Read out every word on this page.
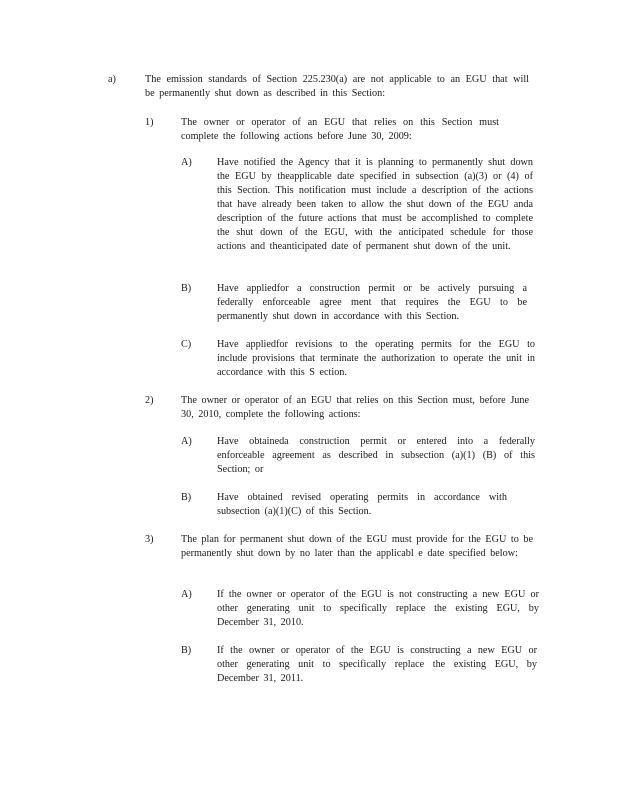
a)	The emission standards of Section 225.230(a) are not applicable to an EGU that will be permanently shut down as described in this Section:
1)	The owner or operator of an EGU that relies on this Section must complete the following actions before June 30, 2009:
A) Have notified the Agency that it is planning to permanently shut down the EGU by theapplicable date specified in subsection (a)(3) or (4) of this Section. This notification must include a description of the actions that have already been taken to allow the shut down of the EGU anda description of the future actions that must be accomplished to complete the shut down of the EGU, with the anticipated schedule for those actions and theanticipated date of permanent shut down of the unit.
B)	Have appliedfor a construction permit or be actively pursuing a federally enforceable agree ment that requires the EGU to be permanently shut down in accordance with this Section.
C)	Have appliedfor revisions to the operating permits for the EGU to include provisions that terminate the authorization to operate the unit in accordance with this S ection.
2)	The owner or operator of an EGU that relies on this Section must, before June 30, 2010, complete the following actions:
A) Have obtaineda construction permit or entered into a federally enforceable agreement as described in subsection (a)(1) (B) of this Section; or
B)	Have obtained revised operating permits in accordance with subsection (a)(1)(C) of this Section.
3)	The plan for permanent shut down of the EGU must provide for the EGU to be permanently shut down by no later than the applicabl e date specified below:
A) If the owner or operator of the EGU is not constructing a new EGU or other generating unit to specifically replace the existing EGU, by December 31, 2010.
B)	If the owner or operator of the EGU is constructing a new EGU or other generating unit to specifically replace the existing EGU, by December 31, 2011.
